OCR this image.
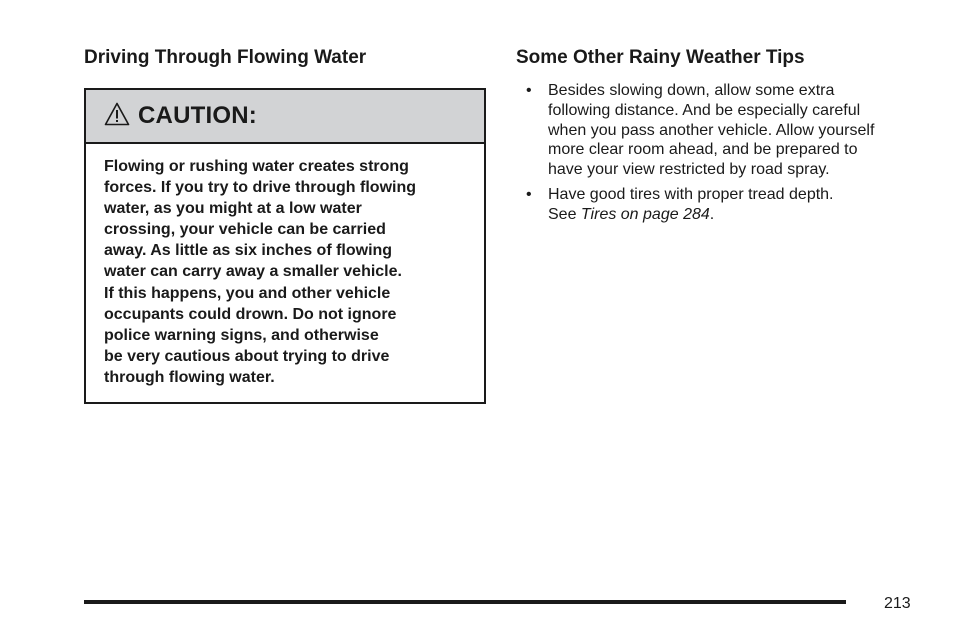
Driving Through Flowing Water
CAUTION:
Flowing or rushing water creates strong
forces. If you try to drive through flowing
water, as you might at a low water
crossing, your vehicle can be carried
away. As little as six inches of flowing
water can carry away a smaller vehicle.
If this happens, you and other vehicle
occupants could drown. Do not ignore
police warning signs, and otherwise
be very cautious about trying to drive
through flowing water.
Some Other Rainy Weather Tips
• Besides slowing down, allow some extra
following distance. And be especially careful
when you pass another vehicle. Allow yourself
more clear room ahead, and be prepared to
have your view restricted by road spray.
• Have good tires with proper tread depth.
See Tires on page 284.
213
